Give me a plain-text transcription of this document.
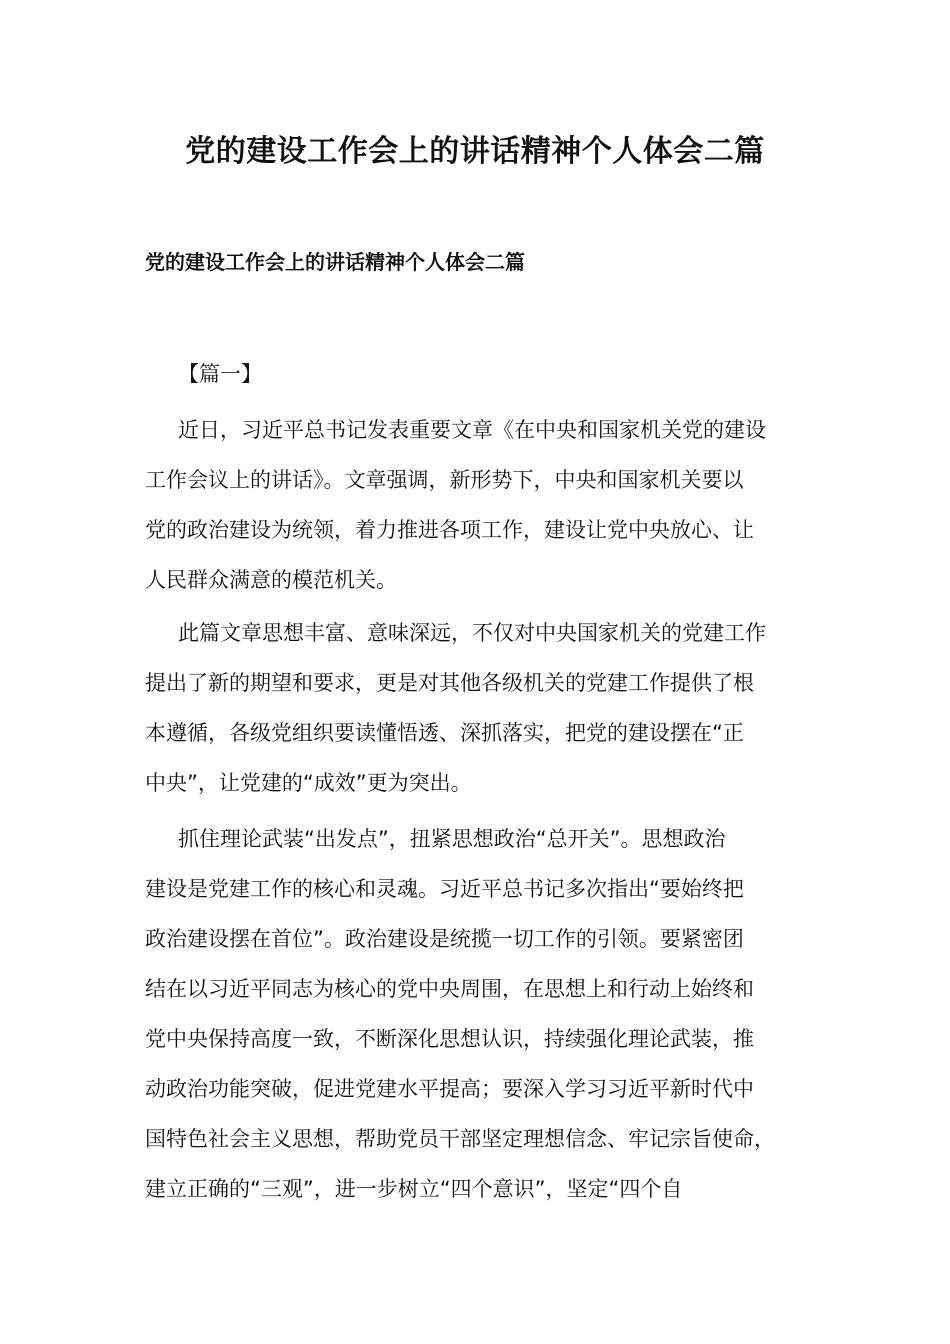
党的建设工作会上的讲话精神个人体会二篇
党的建设工作会上的讲话精神个人体会二篇
【篇一】

近日，习近平总书记发表重要文章《在中央和国家机关党的建设
工作会议上的讲话》。文章强调，新形势下，中央和国家机关要以
党的政治建设为统领，着力推进各项工作，建设让党中央放心、让
人民群众满意的模范机关。

此篇文章思想丰富、意味深远，不仅对中央国家机关的党建工作
提出了新的期望和要求，更是对其他各级机关的党建工作提供了根
本遵循，各级党组织要读懂悟透、深抓落实，把党的建设摆在“正
中央”，让党建的“成效”更为突出。

抓住理论武装“出发点”，扭紧思想政治“总开关”。思想政治
建设是党建工作的核心和灵魂。习近平总书记多次指出“要始终把
政治建设摆在首位”。政治建设是统揽一切工作的引领。要紧密团
结在以习近平同志为核心的党中央周围，在思想上和行动上始终和
党中央保持高度一致，不断深化思想认识，持续强化理论武装，推
动政治功能突破，促进党建水平提高；要深入学习习近平新时代中
国特色社会主义思想，帮助党员干部坚定理想信念、牢记宗旨使命，
建立正确的“三观”，进一步树立“四个意识”，坚定“四个自
